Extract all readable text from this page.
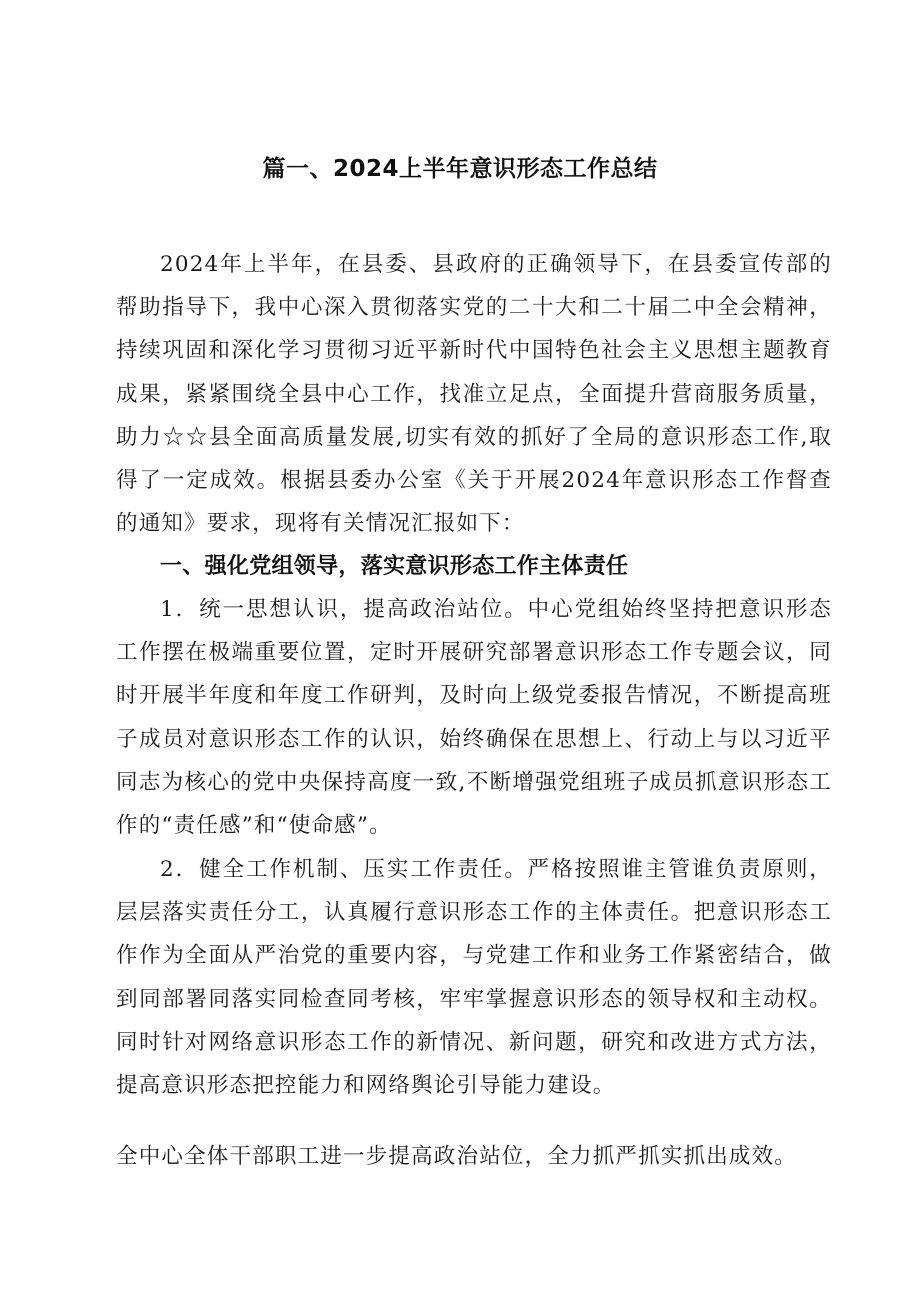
篇一、2024上半年意识形态工作总结

2024年上半年，在县委、县政府的正确领导下，在县委宣传部的帮助指导下，我中心深入贯彻落实党的二十大和二十届二中全会精神，持续巩固和深化学习贯彻习近平新时代中国特色社会主义思想主题教育成果，紧紧围绕全县中心工作，找准立足点，全面提升营商服务质量，助力☆☆县全面高质量发展,切实有效的抓好了全局的意识形态工作,取得了一定成效。根据县委办公室《关于开展2024年意识形态工作督查的通知》要求，现将有关情况汇报如下：

一、强化党组领导，落实意识形态工作主体责任

1．统一思想认识，提高政治站位。中心党组始终坚持把意识形态工作摆在极端重要位置，定时开展研究部署意识形态工作专题会议，同时开展半年度和年度工作研判，及时向上级党委报告情况，不断提高班子成员对意识形态工作的认识，始终确保在思想上、行动上与以习近平同志为核心的党中央保持高度一致,不断增强党组班子成员抓意识形态工作的“责任感”和“使命感”。

2．健全工作机制、压实工作责任。严格按照谁主管谁负责原则，层层落实责任分工，认真履行意识形态工作的主体责任。把意识形态工作作为全面从严治党的重要内容，与党建工作和业务工作紧密结合，做到同部署同落实同检查同考核，牢牢掌握意识形态的领导权和主动权。同时针对网络意识形态工作的新情况、新问题，研究和改进方式方法，提高意识形态把控能力和网络舆论引导能力建设。

全中心全体干部职工进一步提高政治站位，全力抓严抓实抓出成效。
